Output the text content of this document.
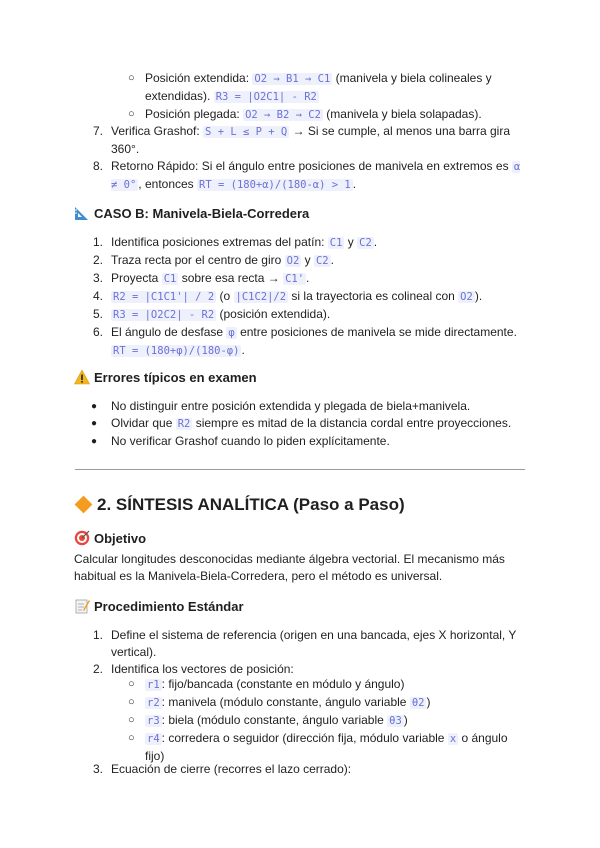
○ Posición extendida: O2 → B1 → C1 (manivela y biela colineales y extendidas). R3 = |O2C1| - R2
○ Posición plegada: O2 → B2 → C2 (manivela y biela solapadas).
7. Verifica Grashof: S + L ≤ P + Q → Si se cumple, al menos una barra gira 360°.
8. Retorno Rápido: Si el ángulo entre posiciones de manivela en extremos es α ≠ 0° , entonces RT = (180+α)/(180-α) > 1 .
CASO B: Manivela-Biela-Corredera
1. Identifica posiciones extremas del patín: C1 y C2 .
2. Traza recta por el centro de giro O2 y C2 .
3. Proyecta C1 sobre esa recta → C1' .
4. R2 = |C1C1'| / 2 (o |C1C2|/2 si la trayectoria es colineal con O2 ).
5. R3 = |O2C2| - R2 (posición extendida).
6. El ángulo de desfase φ entre posiciones de manivela se mide directamente. RT = (180+φ)/(180-φ) .
Errores típicos en examen
● No distinguir entre posición extendida y plegada de biela+manivela.
● Olvidar que R2 siempre es mitad de la distancia cordal entre proyecciones.
● No verificar Grashof cuando lo piden explícitamente.
2. SÍNTESIS ANALÍTICA (Paso a Paso)
Objetivo

Calcular longitudes desconocidas mediante álgebra vectorial. El mecanismo más habitual es la Manivela-Biela-Corredera, pero el método es universal.

Procedimiento Estándar
1. Define el sistema de referencia (origen en una bancada, ejes X horizontal, Y vertical).
2. Identifica los vectores de posición:
○ r1 : fijo/bancada (constante en módulo y ángulo)
○ r2 : manivela (módulo constante, ángulo variable θ2 )
○ r3 : biela (módulo constante, ángulo variable θ3 )
○ r4 : corredera o seguidor (dirección fija, módulo variable x o ángulo fijo)
3. Ecuación de cierre (recorres el lazo cerrado):
